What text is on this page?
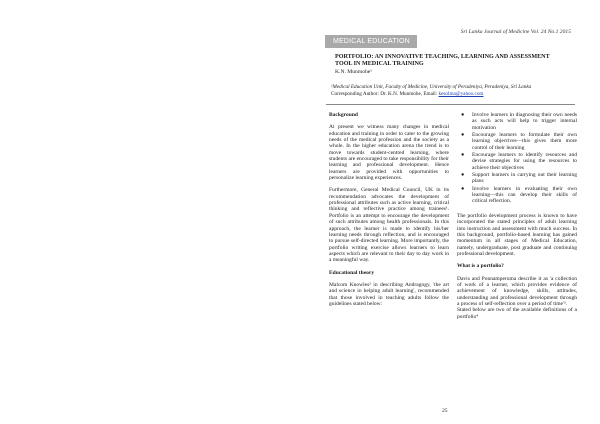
Sri Lanka Journal of Medicine Vol. 24 No.1 2015
MEDICAL EDUCATION
PORTFOLIO: AN INNOVATIVE TEACHING, LEARNING AND ASSESSMENT
TOOL IN MEDICAL TRAINING
K.N. Munmohe¹
¹Medical Education Unit, Faculty of Medicine, University of Peradeniya, Peradeniya, Sri Lanka
Corresponding Author: Dr. K.N. Munmohe, Email: kesolma@yahoo.com

Background

At present we witness many changes in medical education and training in order to cater to the growing needs of the medical profession and the society as a whole. In the higher education arena the trend is to move towards student-centred learning, where students are encouraged to take responsibility for their learning and professional development. Hence learners are provided with opportunities to personalize learning experiences.

Furthermore, General Medical Council, UK in its recommendation advocates the development of professional attributes such as active learning, critical thinking and reflective practice among trainees¹. Portfolio is an attempt to encourage the development of such attributes among health professionals. In this approach, the learner is made to identify his/her learning needs through reflection, and is encouraged to pursue self-directed learning. More importantly, the portfolio writing exercise allows learners to learn aspects which are relevant to their day to day work in a meaningful way.

Educational theory

Malcom Knowles² in describing Andragogy, 'the art and science in helping adult learning', recommended that those involved in teaching adults follow the guidelines stated below:

● Involve learners in diagnosing their own needs as such acts will help to trigger internal motivation
● Encourage learners to formulate their own learning objectives—this gives them more control of their learning
● Encourage learners to identify resources and devise strategies for using the resources to achieve their objectives
● Support learners in carrying out their learning plans
● Involve learners in evaluating their own learning—this can develop their skills of critical reflection.

The portfolio development process is known to have incorporated the stated principles of adult learning into instruction and assessment with much success. In this background, portfolio-based learning has gained momentum in all stages of Medical Education, namely, undergraduate, post graduate and continuing professional development.

What is a portfolio?

Davis and Ponnamperuma describe it as 'a collection of work of a learner, which provides evidence of achievement of knowledge, skills, attitudes, understanding and professional development through a process of self-reflection over a period of time'³.

Stated below are two of the available definitions of a portfolio⁴

25
